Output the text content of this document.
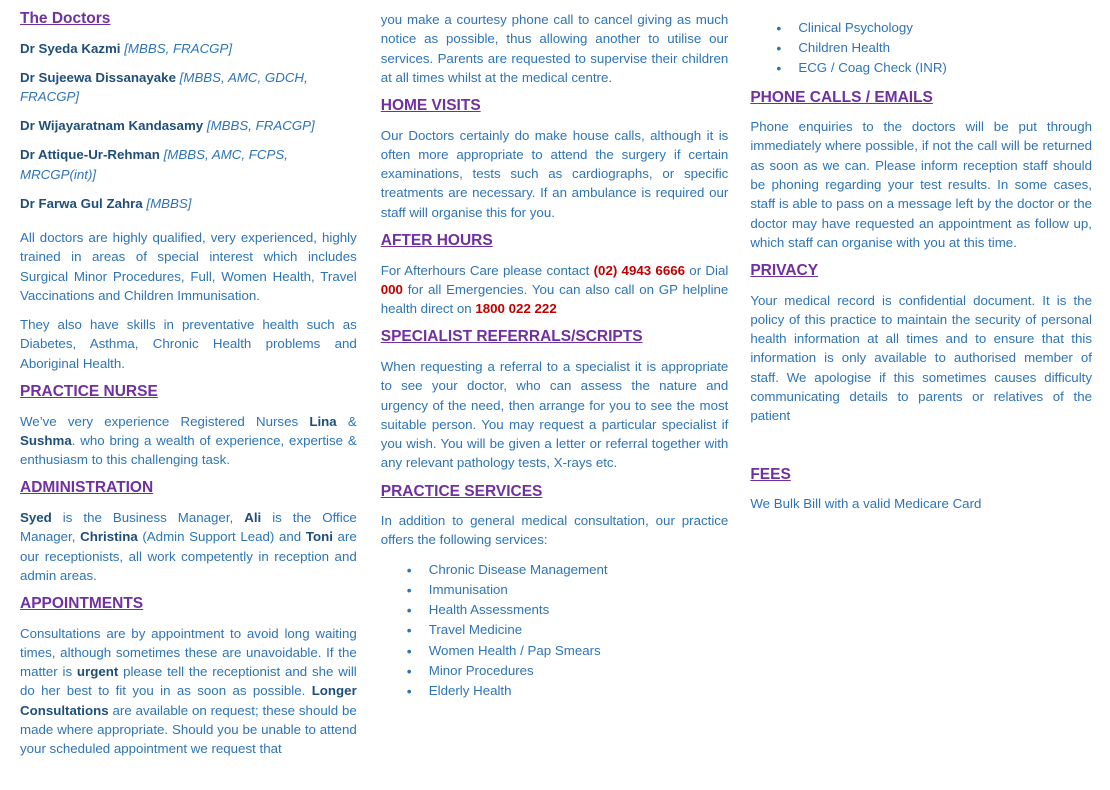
The Doctors
Dr Syeda Kazmi [MBBS, FRACGP]
Dr Sujeewa Dissanayake [MBBS, AMC, GDCH, FRACGP]
Dr Wijayaratnam Kandasamy [MBBS, FRACGP]
Dr Attique-Ur-Rehman [MBBS, AMC, FCPS, MRCGP(int)]
Dr Farwa Gul Zahra [MBBS]

All doctors are highly qualified, very experienced, highly trained in areas of special interest which includes Surgical Minor Procedures, Full, Women Health, Travel Vaccinations and Children Immunisation.

They also have skills in preventative health such as Diabetes, Asthma, Chronic Health problems and Aboriginal Health.

PRACTICE NURSE

We’ve very experience Registered Nurses Lina & Sushma. who bring a wealth of experience, expertise & enthusiasm to this challenging task.

ADMINISTRATION

Syed is the Business Manager, Ali is the Office Manager, Christina (Admin Support Lead) and Toni are our receptionists, all work competently in reception and admin areas.

APPOINTMENTS

Consultations are by appointment to avoid long waiting times, although sometimes these are unavoidable. If the matter is urgent please tell the receptionist and she will do her best to fit you in as soon as possible. Longer Consultations are available on request; these should be made where appropriate. Should you be unable to attend your scheduled appointment we request that

you make a courtesy phone call to cancel giving as much notice as possible, thus allowing another to utilise our services. Parents are requested to supervise their children at all times whilst at the medical centre.

HOME VISITS

Our Doctors certainly do make house calls, although it is often more appropriate to attend the surgery if certain examinations, tests such as cardiographs, or specific treatments are necessary. If an ambulance is required our staff will organise this for you.

AFTER HOURS

For Afterhours Care please contact (02) 4943 6666 or Dial 000 for all Emergencies. You can also call on GP helpline health direct on 1800 022 222

SPECIALIST REFERRALS/SCRIPTS

When requesting a referral to a specialist it is appropriate to see your doctor, who can assess the nature and urgency of the need, then arrange for you to see the most suitable person. You may request a particular specialist if you wish. You will be given a letter or referral together with any relevant pathology tests, X-rays etc.

PRACTICE SERVICES

In addition to general medical consultation, our practice offers the following services:

• Chronic Disease Management
• Immunisation
• Health Assessments
• Travel Medicine
• Women Health / Pap Smears
• Minor Procedures
• Elderly Health
• Clinical Psychology
• Children Health
• ECG / Coag Check (INR)
PHONE CALLS / EMAILS

Phone enquiries to the doctors will be put through immediately where possible, if not the call will be returned as soon as we can. Please inform reception staff should be phoning regarding your test results. In some cases, staff is able to pass on a message left by the doctor or the doctor may have requested an appointment as follow up, which staff can organise with you at this time.

PRIVACY

Your medical record is confidential document. It is the policy of this practice to maintain the security of personal health information at all times and to ensure that this information is only available to authorised member of staff. We apologise if this sometimes causes difficulty communicating details to parents or relatives of the patient

FEES

We Bulk Bill with a valid Medicare Card
